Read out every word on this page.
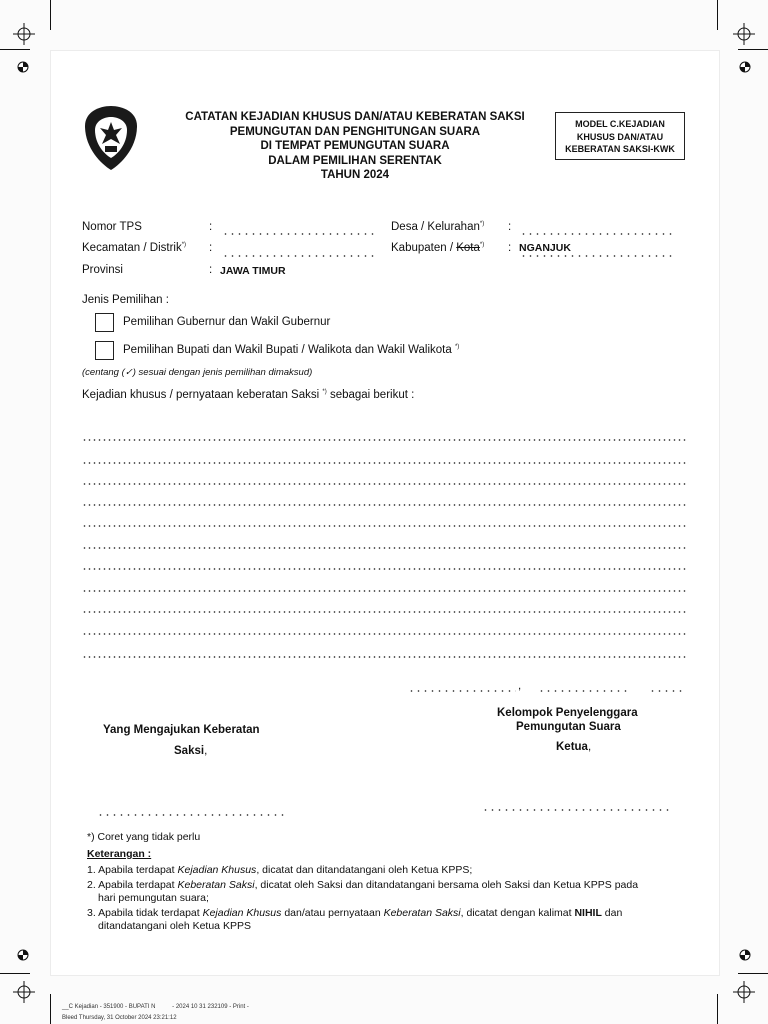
CATATAN KEJADIAN KHUSUS DAN/ATAU KEBERATAN SAKSI
PEMUNGUTAN DAN PENGHITUNGAN SUARA
DI TEMPAT PEMUNGUTAN SUARA
DALAM PEMILIHAN SERENTAK
TAHUN 2024
MODEL C.KEJADIAN
KHUSUS DAN/ATAU
KEBERATAN SAKSI-KWK
Nomor TPS	:	Desa / Kelurahan*) :
Kecamatan / Distrik*) :	Kabupaten / Kota*) : NGANJUK
Provinsi	: JAWA TIMUR
Jenis Pemilihan :
Pemilihan Gubernur dan Wakil Gubernur
Pemilihan Bupati dan Wakil Bupati / Walikota dan Wakil Walikota *)
(centang (✓) sesuai dengan jenis pemilihan dimaksud)
Kejadian khusus / pernyataan keberatan Saksi *) sebagai berikut :
,
Yang Mengajukan Keberatan
Saksi,
Kelompok Penyelenggara
Pemungutan Suara
Ketua,
*) Coret yang tidak perlu
Keterangan :
1. Apabila terdapat Kejadian Khusus, dicatat dan ditandatangani oleh Ketua KPPS;
2. Apabila terdapat Keberatan Saksi, dicatat oleh Saksi dan ditandatangani bersama oleh Saksi dan Ketua KPPS pada
hari pemungutan suara;
3. Apabila tidak terdapat Kejadian Khusus dan/atau pernyataan Keberatan Saksi, dicatat dengan kalimat NIHIL dan
ditandatangani oleh Ketua KPPS
__C Kejadian - 351900 - BUPATI N          - 2024 10 31 232109 - Print -
Bleed Thursday, 31 October 2024 23:21:12
